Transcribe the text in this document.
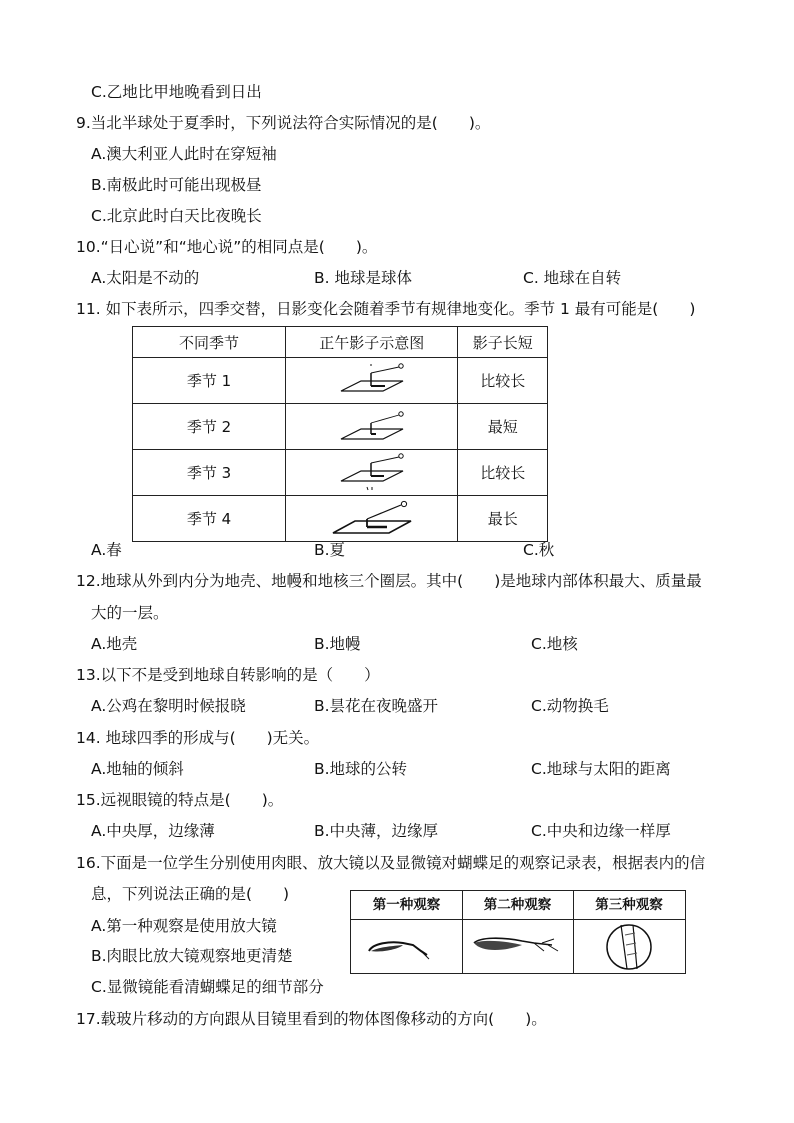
C.乙地比甲地晚看到日出
9.当北半球处于夏季时，下列说法符合实际情况的是(　　)。
A.澳大利亚人此时在穿短袖
B.南极此时可能出现极昼
C.北京此时白天比夜晚长
10.“日心说”和“地心说”的相同点是(　　)。
A.太阳是不动的	B. 地球是球体	C. 地球在自转
11. 如下表所示，四季交替，日影变化会随着季节有规律地变化。季节 1 最有可能是(　　)
不同季节	正午影子示意图	影子长短
季节 1		比较长
季节 2		最短
季节 3		比较长
季节 4		最长
A.春	B.夏	C.秋
12.地球从外到内分为地壳、地幔和地核三个圈层。其中(　　)是地球内部体积最大、质量最
大的一层。
A.地壳	B.地幔	C.地核
13.以下不是受到地球自转影响的是（　　）
A.公鸡在黎明时候报晓	B.昙花在夜晚盛开	C.动物换毛
14. 地球四季的形成与(　　)无关。
A.地轴的倾斜	B.地球的公转	C.地球与太阳的距离
15.远视眼镜的特点是(　　)。
A.中央厚，边缘薄	B.中央薄，边缘厚	C.中央和边缘一样厚
16.下面是一位学生分别使用肉眼、放大镜以及显微镜对蝴蝶足的观察记录表，根据表内的信
息，下列说法正确的是(　　)
A.第一种观察是使用放大镜
B.肉眼比放大镜观察地更清楚
C.显微镜能看清蝴蝶足的细节部分
第一种观察	第二种观察	第三种观察
17.载玻片移动的方向跟从目镜里看到的物体图像移动的方向(　　)。
